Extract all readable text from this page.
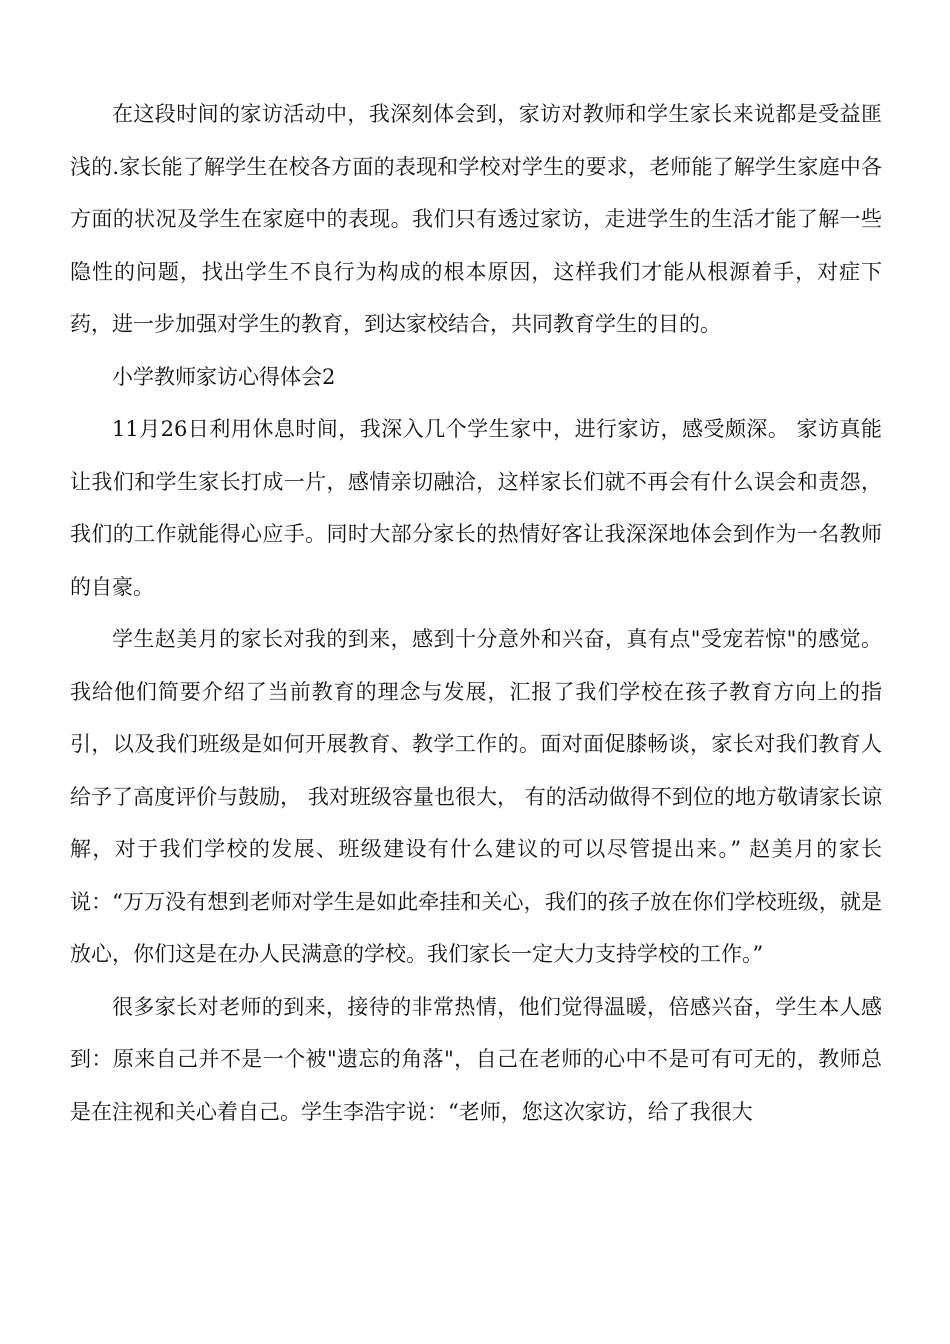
在这段时间的家访活动中，我深刻体会到，家访对教师和学生家长来说都是受益匪浅的.家长能了解学生在校各方面的表现和学校对学生的要求，老师能了解学生家庭中各方面的状况及学生在家庭中的表现。我们只有透过家访，走进学生的生活才能了解一些隐性的问题，找出学生不良行为构成的根本原因，这样我们才能从根源着手，对症下药，进一步加强对学生的教育，到达家校结合，共同教育学生的目的。

小学教师家访心得体会2

11月26日利用休息时间，我深入几个学生家中，进行家访，感受颇深。 家访真能让我们和学生家长打成一片，感情亲切融洽，这样家长们就不再会有什么误会和责怨，我们的工作就能得心应手。同时大部分家长的热情好客让我深深地体会到作为一名教师的自豪。

学生赵美月的家长对我的到来，感到十分意外和兴奋，真有点"受宠若惊"的感觉。我给他们简要介绍了当前教育的理念与发展，汇报了我们学校在孩子教育方向上的指引，以及我们班级是如何开展教育、教学工作的。面对面促膝畅谈，家长对我们教育人给予了高度评价与鼓励， 我对班级容量也很大， 有的活动做得不到位的地方敬请家长谅解，对于我们学校的发展、班级建设有什么建议的可以尽管提出来。” 赵美月的家长说：“万万没有想到老师对学生是如此牵挂和关心，我们的孩子放在你们学校班级，就是放心，你们这是在办人民满意的学校。我们家长一定大力支持学校的工作。”

很多家长对老师的到来，接待的非常热情，他们觉得温暖，倍感兴奋，学生本人感到：原来自己并不是一个被"遗忘的角落"，自己在老师的心中不是可有可无的，教师总是在注视和关心着自己。学生李浩宇说：“老师，您这次家访，给了我很大
